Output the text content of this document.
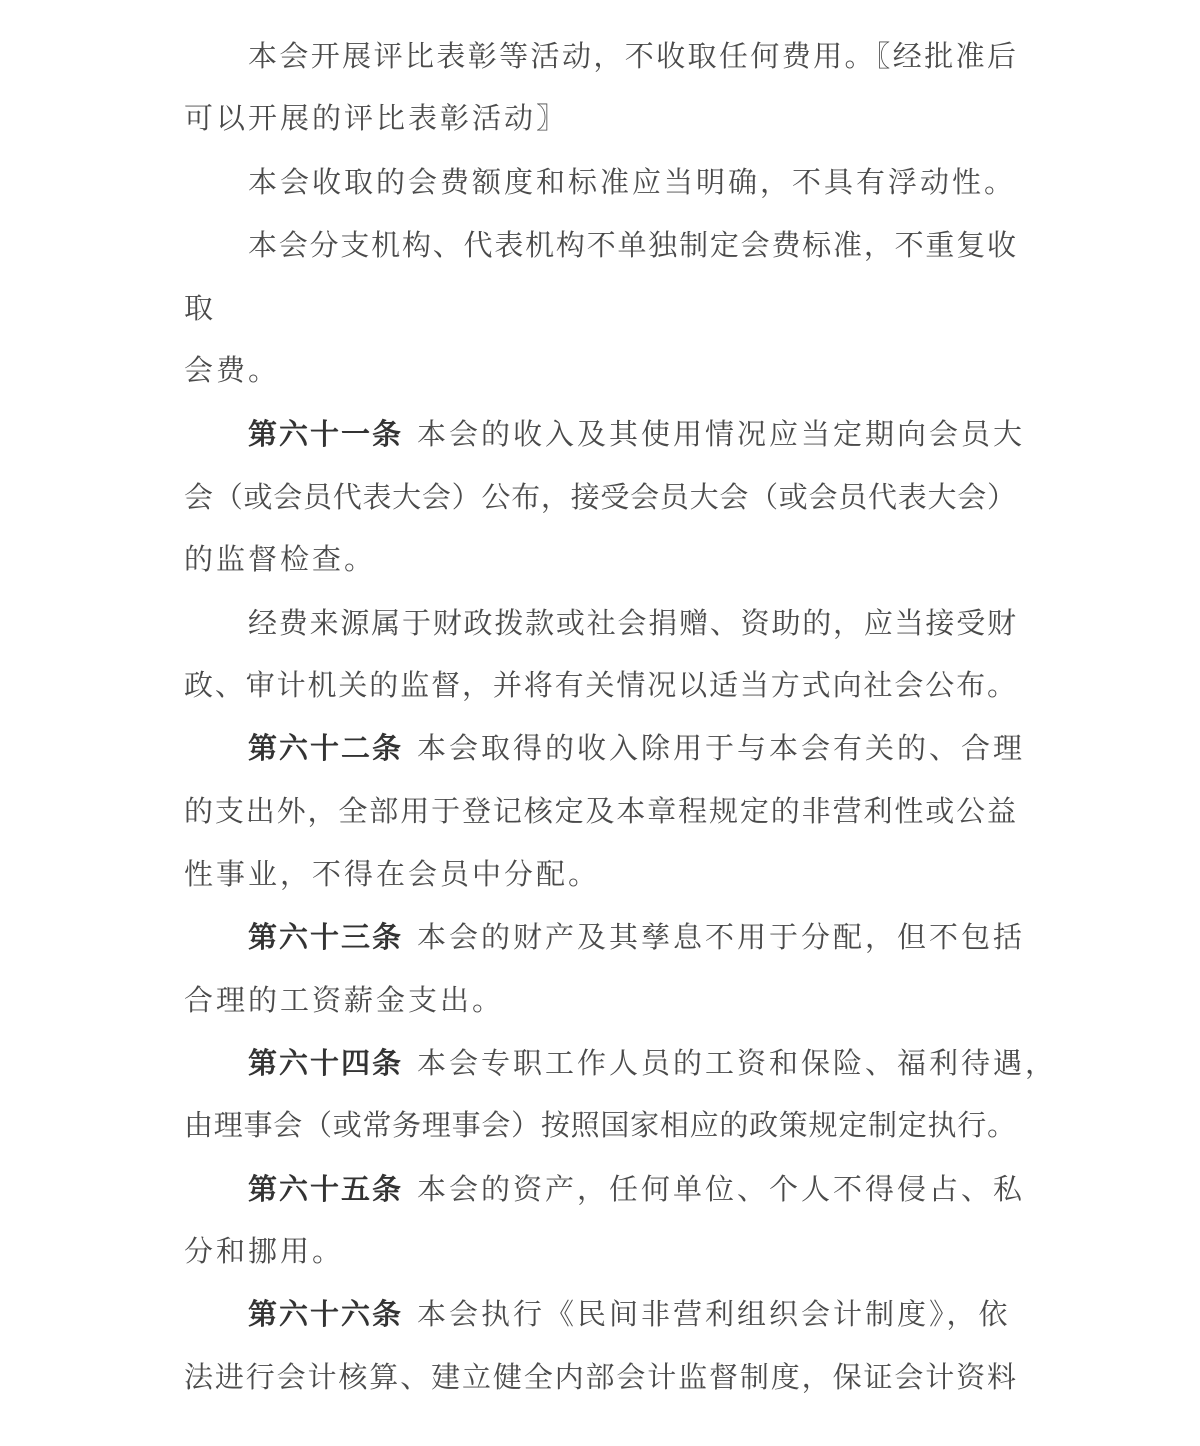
本会开展评比表彰等活动，不收取任何费用。〖经批准后
可以开展的评比表彰活动〗
本会收取的会费额度和标准应当明确，不具有浮动性。
本会分支机构、代表机构不单独制定会费标准，不重复收
取
会费。
第六十一条 本会的收入及其使用情况应当定期向会员大
会（或会员代表大会）公布，接受会员大会（或会员代表大会）
的监督检查。
经费来源属于财政拨款或社会捐赠、资助的，应当接受财
政、审计机关的监督，并将有关情况以适当方式向社会公布。
第六十二条 本会取得的收入除用于与本会有关的、合理
的支出外，全部用于登记核定及本章程规定的非营利性或公益
性事业，不得在会员中分配。
第六十三条 本会的财产及其孳息不用于分配，但不包括
合理的工资薪金支出。
第六十四条 本会专职工作人员的工资和保险、福利待遇，
由理事会（或常务理事会）按照国家相应的政策规定制定执行。
第六十五条 本会的资产，任何单位、个人不得侵占、私
分和挪用。
第六十六条 本会执行《民间非营利组织会计制度》，依
法进行会计核算、建立健全内部会计监督制度，保证会计资料
